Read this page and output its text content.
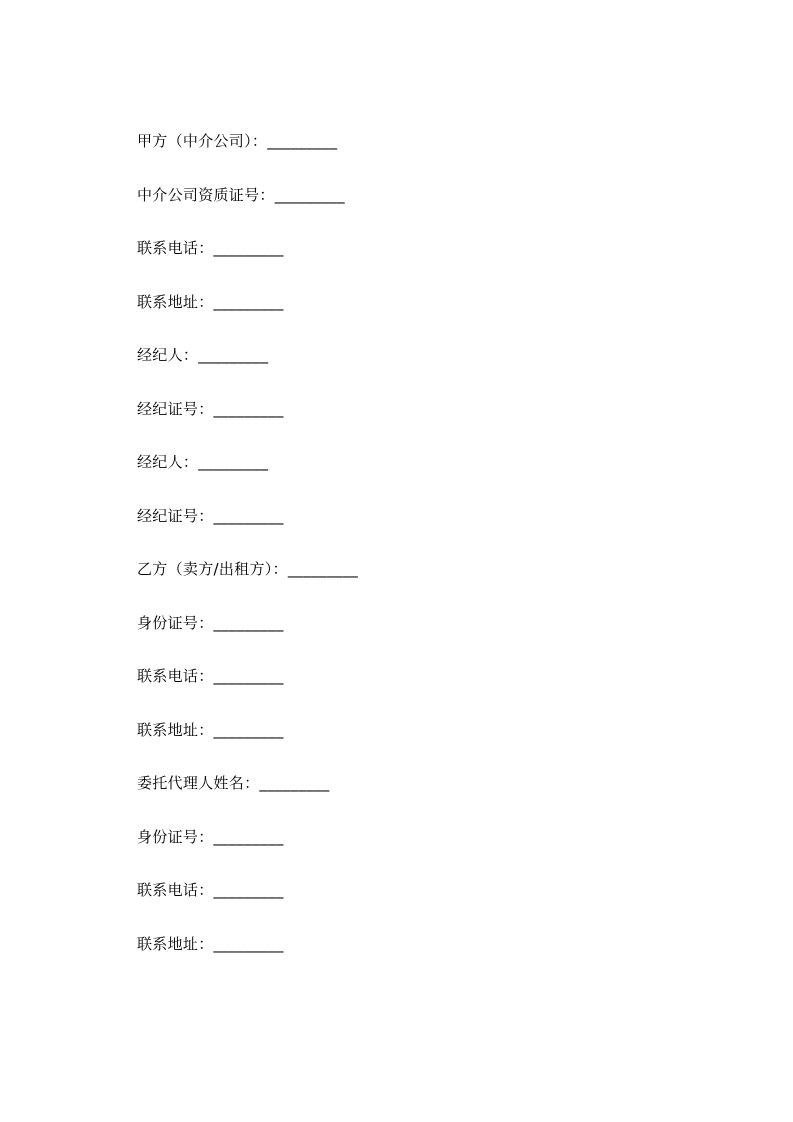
甲方（中介公司）：_________
中介公司资质证号：_________
联系电话：_________
联系地址：_________
经纪人：_________
经纪证号：_________
经纪人：_________
经纪证号：_________
乙方（卖方/出租方）：_________
身份证号：_________
联系电话：_________
联系地址：_________
委托代理人姓名：_________
身份证号：_________
联系电话：_________
联系地址：_________
